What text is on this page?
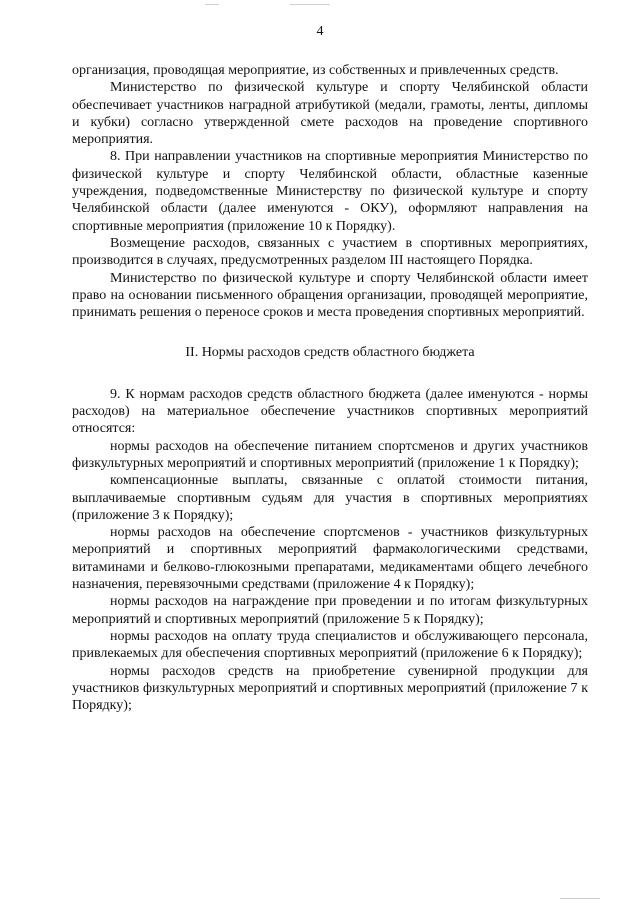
4

организация, проводящая мероприятие, из собственных и привлеченных средств.

Министерство по физической культуре и спорту Челябинской области обеспечивает участников наградной атрибутикой (медали, грамоты, ленты, дипломы и кубки) согласно утвержденной смете расходов на проведение спортивного мероприятия.

8. При направлении участников на спортивные мероприятия Министерство по физической культуре и спорту Челябинской области, областные казенные учреждения, подведомственные Министерству по физической культуре и спорту Челябинской области (далее именуются - ОКУ), оформляют направления на спортивные мероприятия (приложение 10 к Порядку).

Возмещение расходов, связанных с участием в спортивных мероприятиях, производится в случаях, предусмотренных разделом III настоящего Порядка.

Министерство по физической культуре и спорту Челябинской области имеет право на основании письменного обращения организации, проводящей мероприятие, принимать решения о переносе сроков и места проведения спортивных мероприятий.

II. Нормы расходов средств областного бюджета

9. К нормам расходов средств областного бюджета (далее именуются - нормы расходов) на материальное обеспечение участников спортивных мероприятий относятся:

нормы расходов на обеспечение питанием спортсменов и других участников физкультурных мероприятий и спортивных мероприятий (приложение 1 к Порядку);

компенсационные выплаты, связанные с оплатой стоимости питания, выплачиваемые спортивным судьям для участия в спортивных мероприятиях (приложение 3 к Порядку);

нормы расходов на обеспечение спортсменов - участников физкультурных мероприятий и спортивных мероприятий фармакологическими средствами, витаминами и белково-глюкозными препаратами, медикаментами общего лечебного назначения, перевязочными средствами (приложение 4 к Порядку);

нормы расходов на награждение при проведении и по итогам физкультурных мероприятий и спортивных мероприятий (приложение 5 к Порядку);

нормы расходов на оплату труда специалистов и обслуживающего персонала, привлекаемых для обеспечения спортивных мероприятий (приложение 6 к Порядку);

нормы расходов средств на приобретение сувенирной продукции для участников физкультурных мероприятий и спортивных мероприятий (приложение 7 к Порядку);
